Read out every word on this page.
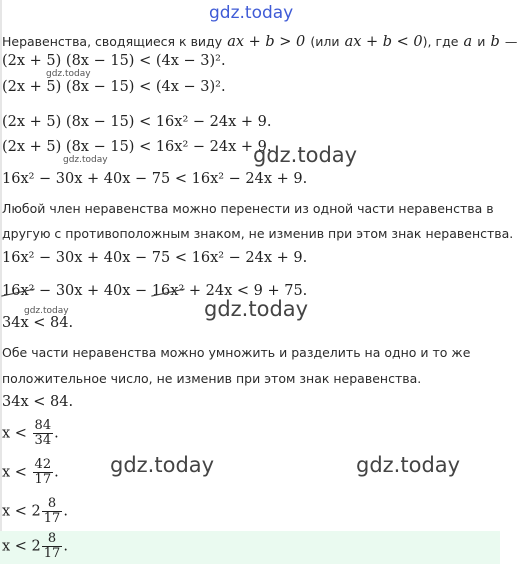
gdz.today
Неравенства, сводящиеся к виду ax + b > 0 (или ax + b < 0), где a и b —
(2x + 5) (8x − 15) < (4x − 3)².
gdz.today
(2x + 5) (8x − 15) < (4x − 3)².
(2x + 5) (8x − 15) < 16x² − 24x + 9.
(2x + 5) (8x − 15) < 16x² − 24x + 9.
gdz.today	gdz.today
16x² − 30x + 40x − 75 < 16x² − 24x + 9.
Любой член неравенства можно перенести из одной части неравенства в
другую с противоположным знаком, не изменив при этом знак неравенства.
16x² − 30x + 40x − 75 < 16x² − 24x + 9.
16x² − 30x + 40x − 16x² + 24x < 9 + 75.
gdz.today
gdz.today
34x < 84.
Обе части неравенства можно умножить и разделить на одно и то же
положительное число, не изменив при этом знак неравенства.
34x < 84.
$x < \frac{84}{34}$ .
$x < \frac{42}{17}$ . gdz.today	gdz.today
$x < 2 \frac{8}{17}$ .
$x < 2 \frac{8}{17}$ .
